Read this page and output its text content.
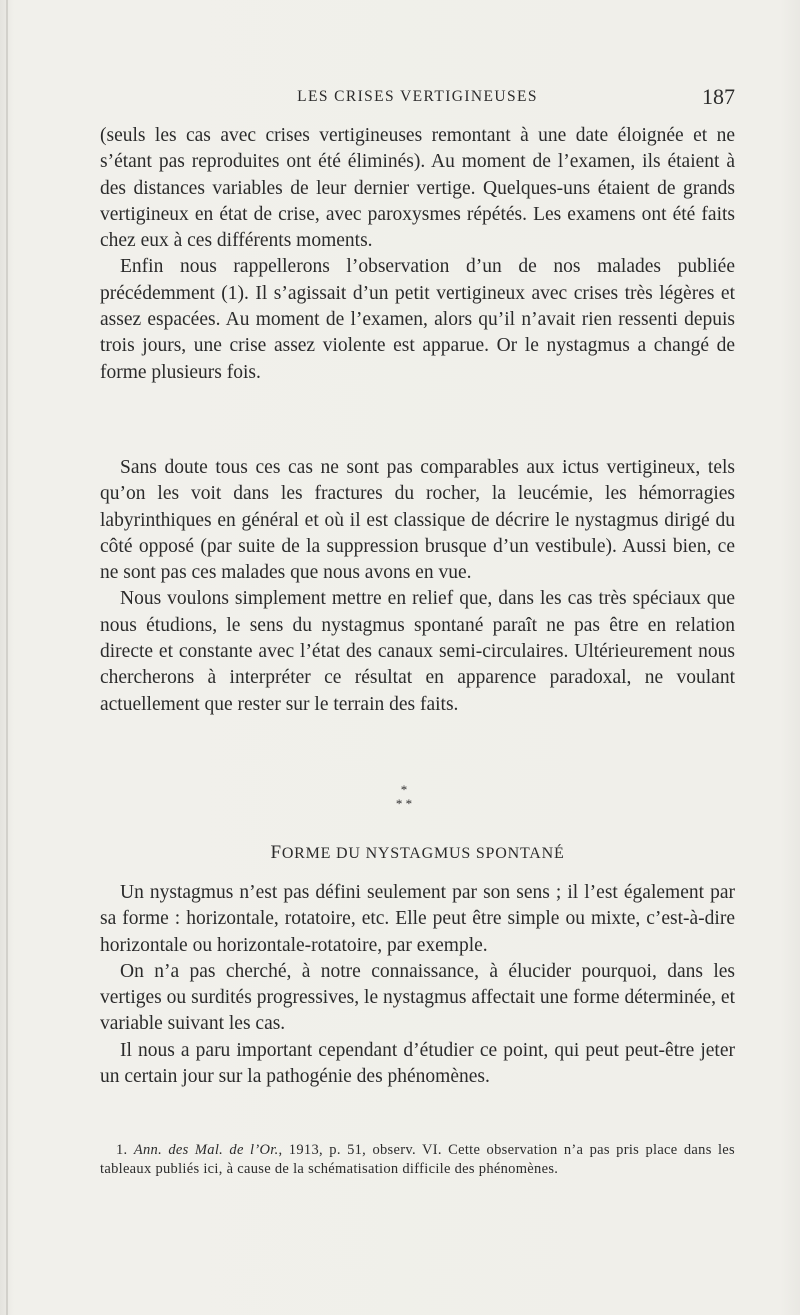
LES CRISES VERTIGINEUSES	187

(seuls les cas avec crises vertigineuses remontant à une date éloignée et ne s’étant pas reproduites ont été éliminés). Au moment de l’examen, ils étaient à des distances variables de leur dernier vertige. Quelques-uns étaient de grands vertigineux en état de crise, avec paroxysmes répétés. Les examens ont été faits chez eux à ces différents moments.

Enfin nous rappellerons l’observation d’un de nos malades publiée précédemment (1). Il s’agissait d’un petit vertigineux avec crises très légères et assez espacées. Au moment de l’examen, alors qu’il n’avait rien ressenti depuis trois jours, une crise assez violente est apparue. Or le nystagmus a changé de forme plusieurs fois.

Sans doute tous ces cas ne sont pas comparables aux ictus vertigineux, tels qu’on les voit dans les fractures du rocher, la leucémie, les hémorragies labyrinthiques en général et où il est classique de décrire le nystagmus dirigé du côté opposé (par suite de la suppression brusque d’un vestibule). Aussi bien, ce ne sont pas ces malades que nous avons en vue.

Nous voulons simplement mettre en relief que, dans les cas très spéciaux que nous étudions, le sens du nystagmus spontané paraît ne pas être en relation directe et constante avec l’état des canaux semi-circulaires. Ultérieurement nous chercherons à interpréter ce résultat en apparence paradoxal, ne voulant actuellement que rester sur le terrain des faits.

*
* *
FORME DU NYSTAGMUS SPONTANÉ

Un nystagmus n’est pas défini seulement par son sens ; il l’est également par sa forme : horizontale, rotatoire, etc. Elle peut être simple ou mixte, c’est-à-dire horizontale ou horizontale-rotatoire, par exemple.

On n’a pas cherché, à notre connaissance, à élucider pourquoi, dans les vertiges ou surdités progressives, le nystagmus affectait une forme déterminée, et variable suivant les cas.

Il nous a paru important cependant d’étudier ce point, qui peut peut-être jeter un certain jour sur la pathogénie des phénomènes.

1. Ann. des Mal. de l’Or., 1913, p. 51, observ. VI. Cette observation n’a pas pris place dans les tableaux publiés ici, à cause de la schématisation difficile des phénomènes.
